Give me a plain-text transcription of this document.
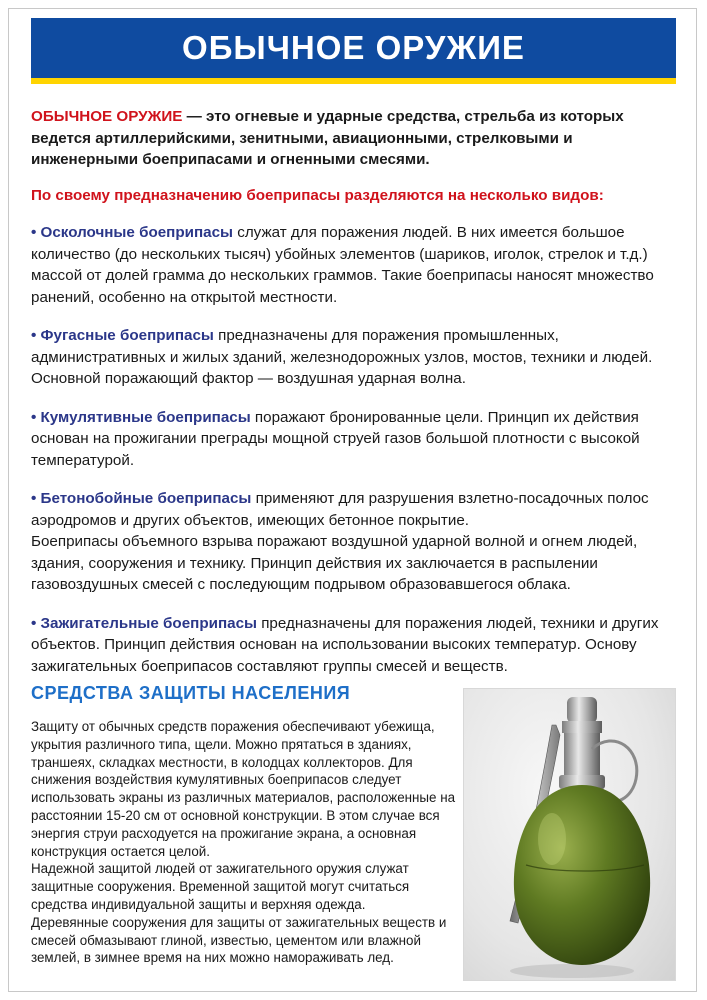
ОБЫЧНОЕ ОРУЖИЕ

ОБЫЧНОЕ ОРУЖИЕ — это огневые и ударные средства, стрельба из которых ведется артиллерийскими, зенитными, авиационными, стрелковыми и инженерными боеприпасами и огненными смесями.

По своему предназначению боеприпасы разделяются на несколько видов:

• Осколочные боеприпасы служат для поражения людей. В них имеется большое количество (до нескольких тысяч) убойных элементов (шариков, иголок, стрелок и т.д.) массой от долей грамма до нескольких граммов. Такие боеприпасы наносят множество ранений, особенно на открытой местности.

• Фугасные боеприпасы предназначены для поражения промышленных, административных и жилых зданий, железнодорожных узлов, мостов, техники и людей. Основной поражающий фактор — воздушная ударная волна.

• Кумулятивные боеприпасы поражают бронированные цели. Принцип их действия основан на прожигании преграды мощной струей газов большой плотности с высокой температурой.

• Бетонобойные боеприпасы применяют для разрушения взлетно-посадочных полос аэродромов и других объектов, имеющих бетонное покрытие.
Боеприпасы объемного взрыва поражают воздушной ударной волной и огнем людей, здания, сооружения и технику. Принцип действия их заключается в распылении газовоздушных смесей с последующим подрывом образовавшегося облака.

• Зажигательные боеприпасы предназначены для поражения людей, техники и других объектов. Принцип действия основан на использовании высоких температур. Основу зажигательных боеприпасов составляют группы смесей и веществ.

СРЕДСТВА ЗАЩИТЫ НАСЕЛЕНИЯ

Защиту от обычных средств поражения обеспечивают убежища, укрытия различного типа, щели. Можно прятаться в зданиях, траншеях, складках местности, в колодцах коллекторов. Для снижения воздействия кумулятивных боеприпасов следует использовать экраны из различных материалов, расположенные на расстоянии 15-20 см от основной конструкции. В этом случае вся энергия струи расходуется на прожигание экрана, а основная конструкция остается целой.

Надежной защитой людей от зажигательного оружия служат защитные сооружения. Временной защитой могут считаться средства индивидуальной защиты и верхняя одежда.

Деревянные сооружения для защиты от зажигательных веществ и смесей обмазывают глиной, известью, цементом или влажной землей, в зимнее время на них можно намораживать лед.
